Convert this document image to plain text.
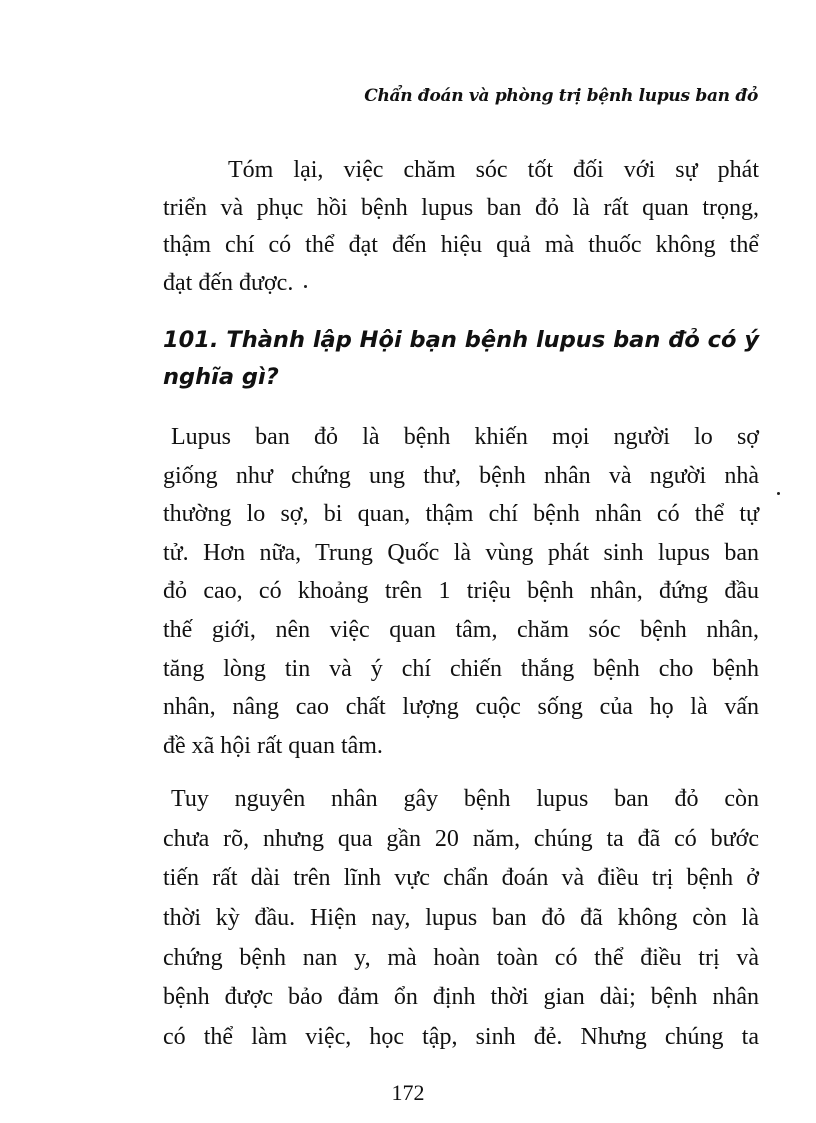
Chẩn đoán và phòng trị bệnh lupus ban đỏ
Tóm lại, việc chăm sóc tốt đối với sự phát
triển và phục hồi bệnh lupus ban đỏ là rất quan trọng,
thậm chí có thể đạt đến hiệu quả mà thuốc không thể
đạt đến được.
101. Thành lập Hội bạn bệnh lupus ban đỏ có ý
nghĩa gì?
Lupus ban đỏ là bệnh khiến mọi người lo sợ
giống như chứng ung thư, bệnh nhân và người nhà
thường lo sợ, bi quan, thậm chí bệnh nhân có thể tự
tử. Hơn nữa, Trung Quốc là vùng phát sinh lupus ban
đỏ cao, có khoảng trên 1 triệu bệnh nhân, đứng đầu
thế giới, nên việc quan tâm, chăm sóc bệnh nhân,
tăng lòng tin và ý chí chiến thắng bệnh cho bệnh
nhân, nâng cao chất lượng cuộc sống của họ là vấn
đề xã hội rất quan tâm.
Tuy nguyên nhân gây bệnh lupus ban đỏ còn
chưa rõ, nhưng qua gần 20 năm, chúng ta đã có bước
tiến rất dài trên lĩnh vực chẩn đoán và điều trị bệnh ở
thời kỳ đầu. Hiện nay, lupus ban đỏ đã không còn là
chứng bệnh nan y, mà hoàn toàn có thể điều trị và
bệnh được bảo đảm ổn định thời gian dài; bệnh nhân
có thể làm việc, học tập, sinh đẻ. Nhưng chúng ta
172
